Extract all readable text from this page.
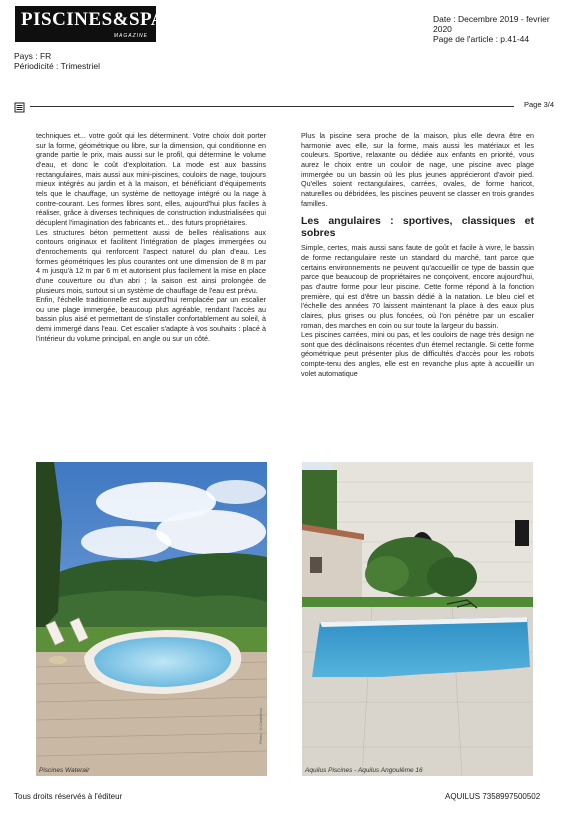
PISCINES&SPAS
MAGAZINE
Date : Decembre 2019 - fevrier 2020
Page de l'article : p.41-44
Pays : FR
Périodicité : Trimestriel
Page 3/4

techniques et... votre goût qui les déterminent. Votre choix doit porter sur la forme, géométrique ou libre, sur la dimension, qui conditionne en grande partie le prix, mais aussi sur le profil, qui détermine le volume d'eau, et donc le coût d'exploitation. La mode est aux bassins rectangulaires, mais aussi aux mini-piscines, couloirs de nage, toujours mieux intégrés au jardin et à la maison, et bénéficiant d'équipements tels que le chauffage, un système de nettoyage intégré ou la nage à contre-courant. Les formes libres sont, elles, aujourd'hui plus faciles à réaliser, grâce à diverses techniques de construction industrialisées qui décuplent l'imagination des fabricants et... des futurs propriétaires.

Les structures béton permettent aussi de belles réalisations aux contours originaux et facilitent l'intégration de plages immergées ou d'enrochements qui renforcent l'aspect naturel du plan d'eau. Les formes géométriques les plus courantes ont une dimension de 8 m par 4 m jusqu'à 12 m par 6 m et autorisent plus facilement la mise en place d'une couverture ou d'un abri ; la saison est ainsi prolongée de plusieurs mois, surtout si un système de chauffage de l'eau est prévu.

Enfin, l'échelle traditionnelle est aujourd'hui remplacée par un escalier ou une plage immergée, beaucoup plus agréable, rendant l'accès au bassin plus aisé et permettant de s'installer confortablement au soleil, à demi immergé dans l'eau. Cet escalier s'adapte à vos souhaits : placé à l'intérieur du volume principal, en angle ou sur un côté.

Plus la piscine sera proche de la maison, plus elle devra être en harmonie avec elle, sur la forme, mais aussi les matériaux et les couleurs. Sportive, relaxante ou dédiée aux enfants en priorité, vous aurez le choix entre un couloir de nage, une piscine avec plage immergée ou un bassin où les plus jeunes apprécieront d'avoir pied. Qu'elles soient rectangulaires, carrées, ovales, de forme haricot, naturelles ou débridées, les piscines peuvent se classer en trois grandes familles.

Les angulaires : sportives, classiques et sobres

Simple, certes, mais aussi sans faute de goût et facile à vivre, le bassin de forme rectangulaire reste un standard du marché, tant parce que certains environnements ne peuvent qu'accueillir ce type de bassin que parce que beaucoup de propriétaires ne conçoivent, encore aujourd'hui, pas d'autre forme pour leur piscine. Cette forme répond à la fonction première, qui est d'être un bassin dédié à la natation. Le bleu ciel et l'échelle des années 70 laissent maintenant la place à des eaux plus claires, plus grises ou plus foncées, où l'on pénètre par un escalier roman, des marches en coin ou sur toute la largeur du bassin.

Les piscines carrées, mini ou pas, et les couloirs de nage très design ne sont que des déclinaisons récentes d'un éternel rectangle. Si cette forme géométrique peut présenter plus de difficultés d'accès pour les robots compte-tenu des angles, elle est en revanche plus apte à accueillir un volet automatique

Piscines Waterair
Photo : G.Castelbou
Aquilus Piscines - Aquilus Angoulême 16
Tous droits réservés à l'éditeur	AQUILUS 7358997500502
